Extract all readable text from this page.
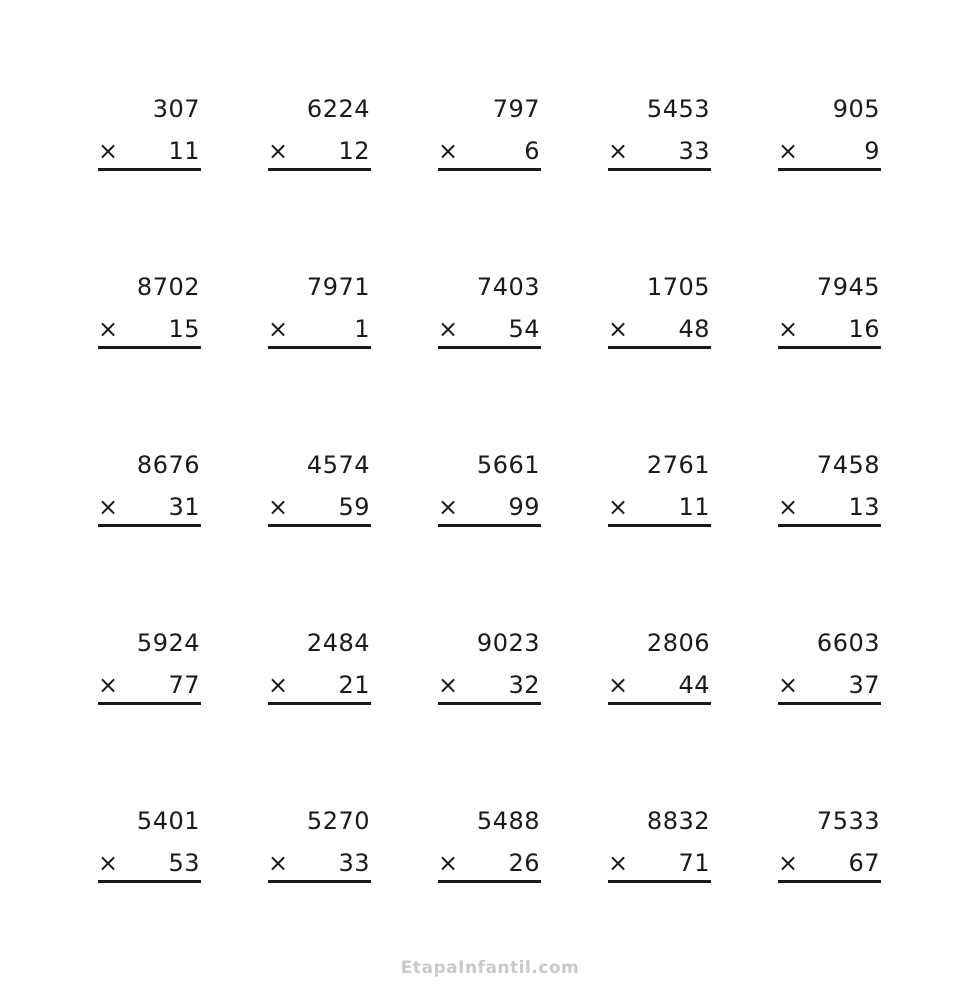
307
× 11
6224
× 12
797
×	6
5453
× 33
905
×	9
8702
× 15
7971
×	1
7403
× 54
1705
× 48
7945
× 16
8676
× 31
4574
× 59
5661
× 99
2761
× 11
7458
× 13
5924
× 77
2484
× 21
9023
× 32
2806
× 44
6603
× 37
5401
× 53
5270
× 33
5488
× 26
8832
× 71
7533
× 67
EtapaInfantil.com
